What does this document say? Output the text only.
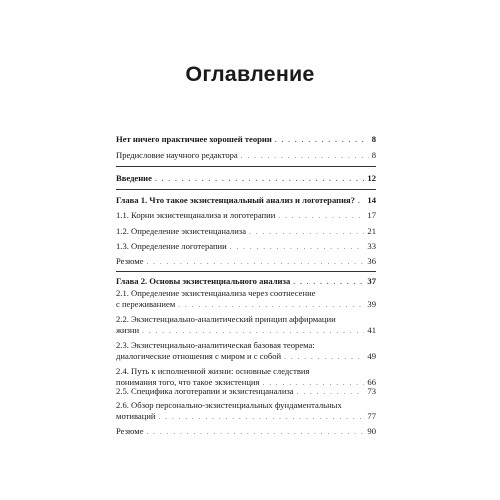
Оглавление
Нет ничего практичнее хорошей теории . . .	8
Предисловие научного редактора . . .	8
Введение . . .	12
Глава 1. Что такое экзистенциальный анализ и логотерапия? . . . 14
1.1. Корни экзистенцанализа и логотерапии . . .	17
1.2. Определение экзистенцанализа . . .	21
1.3. Определение логотерапии . . .	33
Резюме . . .	36
Глава 2. Основы экзистенциального анализа . . .	37
2.1. Определение экзистенцанализа через соотнесение
с переживанием . . .	39
2.2. Экзистенциально-аналитический принцип аффирмации
жизни . . .	41
2.3. Экзистенциально-аналитическая базовая теорема:
диалогические отношения с миром и с собой . . .	49
2.4. Путь к исполненной жизни: основные следствия
понимания того, что такое экзистенция . . .	66
2.5. Специфика логотерапии и экзистенцанализа . . .	73
2.6. Обзор персонально-экзистенциальных фундаментальных
мотиваций . . .	77
Резюме . . .	90
